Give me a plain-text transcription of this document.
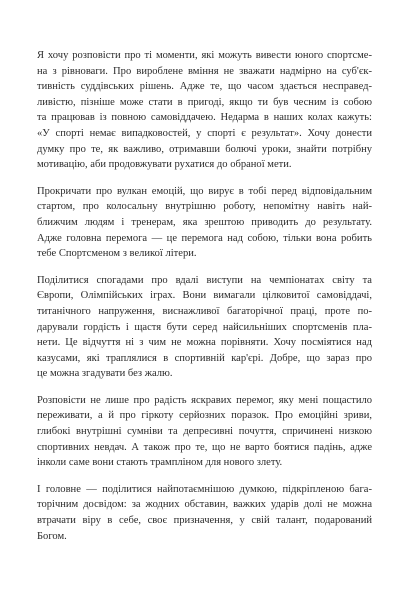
Я хочу розповісти про ті моменти, які можуть вивести юного спортсме-
на з рівноваги. Про вироблене вміння не зважати надмірно на суб'єк-
тивність суддівських рішень. Адже те, що часом здається несправед-
ливістю, пізніше може стати в пригоді, якщо ти був чесним із собою
та працював із повною самовіддачею. Недарма в наших колах кажуть:
«У спорті немає випадковостей, у спорті є результат». Хочу донести
думку про те, як важливо, отримавши болючі уроки, знайти потрібну
мотивацію, аби продовжувати рухатися до обраної мети.

Прокричати про вулкан емоцій, що вирує в тобі перед відповідальним
стартом, про колосальну внутрішню роботу, непомітну навіть най-
ближчим людям і тренерам, яка зрештою приводить до результату.
Адже головна перемога — це перемога над собою, тільки вона робить
тебе Спортсменом з великої літери.

Поділитися спогадами про вдалі виступи на чемпіонатах світу та
Європи, Олімпійських іграх. Вони вимагали цілковитої самовіддачі,
титанічного напруження, виснажливої багаторічної праці, проте по-
дарували гордість і щастя бути серед найсильніших спортсменів пла-
нети. Це відчуття ні з чим не можна порівняти. Хочу посміятися над
казусами, які траплялися в спортивній кар'єрі. Добре, що зараз про
це можна згадувати без жалю.

Розповісти не лише про радість яскравих перемог, яку мені пощастило
переживати, а й про гіркоту серйозних поразок. Про емоційні зриви,
глибокі внутрішні сумніви та депресивні почуття, спричинені низкою
спортивних невдач. А також про те, що не варто боятися падінь, адже
інколи саме вони стають трампліном для нового злету.

І головне — поділитися найпотаємнішою думкою, підкріпленою бага-
торічним досвідом: за жодних обставин, важких ударів долі не можна
втрачати віру в себе, своє призначення, у свій талант, подарований
Богом.
